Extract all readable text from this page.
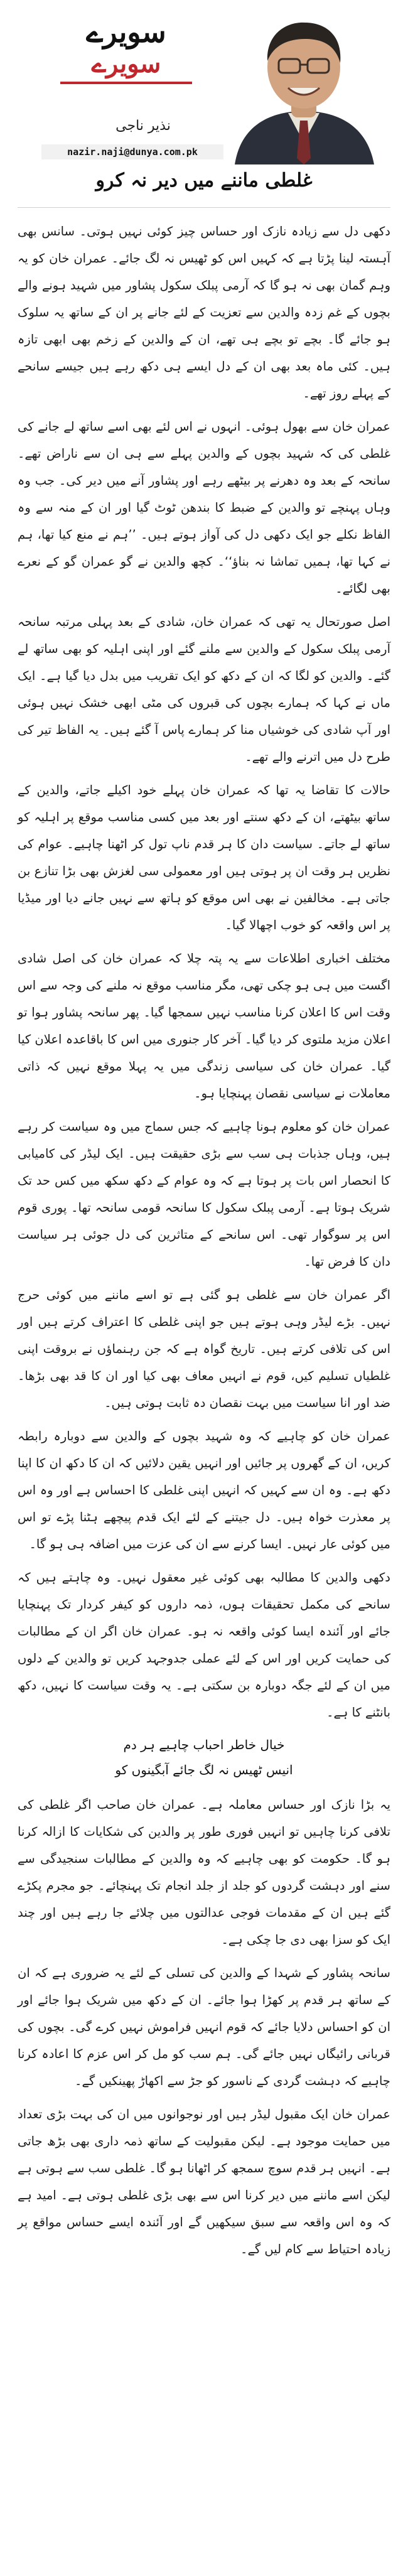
سویرے
سویرے
نذیر ناجی
nazir.naji@dunya.com.pk
غلطی ماننے میں دیر نہ کرو

دکھی دل سے زیادہ نازک اور حساس چیز کوئی نہیں ہوتی۔ سانس بھی آہستہ لینا پڑتا ہے کہ کہیں اس کو ٹھیس نہ لگ جائے۔ عمران خان کو یہ وہم گمان بھی نہ ہو گا کہ آرمی پبلک سکول پشاور میں شہید ہونے والے بچوں کے غم زدہ والدین سے تعزیت کے لئے جانے پر ان کے ساتھ یہ سلوک ہو جائے گا۔ بچے تو بچے ہی تھے، ان کے والدین کے زخم بھی ابھی تازہ ہیں۔ کئی ماہ بعد بھی ان کے دل ایسے ہی دکھ رہے ہیں جیسے سانحے کے پہلے روز تھے۔

عمران خان سے بھول ہوئی۔ انہوں نے اس لئے بھی اسے ساتھ لے جانے کی غلطی کی کہ شہید بچوں کے والدین پہلے سے ہی ان سے ناراض تھے۔ سانحہ کے بعد وہ دھرنے پر بیٹھے رہے اور پشاور آنے میں دیر کی۔ جب وہ وہاں پہنچے تو والدین کے ضبط کا بندھن ٹوٹ گیا اور ان کے منہ سے وہ الفاظ نکلے جو ایک دکھی دل کی آواز ہوتے ہیں۔ ’’ہم نے منع کیا تھا، ہم نے کہا تھا، ہمیں تماشا نہ بناؤ‘‘۔ کچھ والدین نے گو عمران گو کے نعرے بھی لگائے۔

اصل صورتحال یہ تھی کہ عمران خان، شادی کے بعد پہلی مرتبہ سانحہ آرمی پبلک سکول کے والدین سے ملنے گئے اور اپنی اہلیہ کو بھی ساتھ لے گئے۔ والدین کو لگا کہ ان کے دکھ کو ایک تقریب میں بدل دیا گیا ہے۔ ایک ماں نے کہا کہ ہمارے بچوں کی قبروں کی مٹی ابھی خشک نہیں ہوئی اور آپ شادی کی خوشیاں منا کر ہمارے پاس آ گئے ہیں۔ یہ الفاظ تیر کی طرح دل میں اترنے والے تھے۔

حالات کا تقاضا یہ تھا کہ عمران خان پہلے خود اکیلے جاتے، والدین کے ساتھ بیٹھتے، ان کے دکھ سنتے اور بعد میں کسی مناسب موقع پر اہلیہ کو ساتھ لے جاتے۔ سیاست دان کا ہر قدم ناپ تول کر اٹھنا چاہیے۔ عوام کی نظریں ہر وقت ان پر ہوتی ہیں اور معمولی سی لغزش بھی بڑا تنازع بن جاتی ہے۔ مخالفین نے بھی اس موقع کو ہاتھ سے نہیں جانے دیا اور میڈیا پر اس واقعہ کو خوب اچھالا گیا۔

مختلف اخباری اطلاعات سے یہ پتہ چلا کہ عمران خان کی اصل شادی اگست میں ہی ہو چکی تھی، مگر مناسب موقع نہ ملنے کی وجہ سے اس وقت اس کا اعلان کرنا مناسب نہیں سمجھا گیا۔ پھر سانحہ پشاور ہوا تو اعلان مزید ملتوی کر دیا گیا۔ آخر کار جنوری میں اس کا باقاعدہ اعلان کیا گیا۔ عمران خان کی سیاسی زندگی میں یہ پہلا موقع نہیں کہ ذاتی معاملات نے سیاسی نقصان پہنچایا ہو۔

عمران خان کو معلوم ہونا چاہیے کہ جس سماج میں وہ سیاست کر رہے ہیں، وہاں جذبات ہی سب سے بڑی حقیقت ہیں۔ ایک لیڈر کی کامیابی کا انحصار اس بات پر ہوتا ہے کہ وہ عوام کے دکھ سکھ میں کس حد تک شریک ہوتا ہے۔ آرمی پبلک سکول کا سانحہ قومی سانحہ تھا۔ پوری قوم اس پر سوگوار تھی۔ اس سانحے کے متاثرین کی دل جوئی ہر سیاست دان کا فرض تھا۔

اگر عمران خان سے غلطی ہو گئی ہے تو اسے ماننے میں کوئی حرج نہیں۔ بڑے لیڈر وہی ہوتے ہیں جو اپنی غلطی کا اعتراف کرتے ہیں اور اس کی تلافی کرتے ہیں۔ تاریخ گواہ ہے کہ جن رہنماؤں نے بروقت اپنی غلطیاں تسلیم کیں، قوم نے انہیں معاف بھی کیا اور ان کا قد بھی بڑھا۔ ضد اور انا سیاست میں بہت نقصان دہ ثابت ہوتی ہیں۔

عمران خان کو چاہیے کہ وہ شہید بچوں کے والدین سے دوبارہ رابطہ کریں، ان کے گھروں پر جائیں اور انہیں یقین دلائیں کہ ان کا دکھ ان کا اپنا دکھ ہے۔ وہ ان سے کہیں کہ انہیں اپنی غلطی کا احساس ہے اور وہ اس پر معذرت خواہ ہیں۔ دل جیتنے کے لئے ایک قدم پیچھے ہٹنا پڑے تو اس میں کوئی عار نہیں۔ ایسا کرنے سے ان کی عزت میں اضافہ ہی ہو گا۔

دکھی والدین کا مطالبہ بھی کوئی غیر معقول نہیں۔ وہ چاہتے ہیں کہ سانحے کی مکمل تحقیقات ہوں، ذمہ داروں کو کیفر کردار تک پہنچایا جائے اور آئندہ ایسا کوئی واقعہ نہ ہو۔ عمران خان اگر ان کے مطالبات کی حمایت کریں اور اس کے لئے عملی جدوجہد کریں تو والدین کے دلوں میں ان کے لئے جگہ دوبارہ بن سکتی ہے۔ یہ وقت سیاست کا نہیں، دکھ بانٹنے کا ہے۔

خیال خاطر احباب چاہیے ہر دم
انیس ٹھیس نہ لگ جائے آبگینوں کو

یہ بڑا نازک اور حساس معاملہ ہے۔ عمران خان صاحب اگر غلطی کی تلافی کرنا چاہیں تو انہیں فوری طور پر والدین کی شکایات کا ازالہ کرنا ہو گا۔ حکومت کو بھی چاہیے کہ وہ والدین کے مطالبات سنجیدگی سے سنے اور دہشت گردوں کو جلد از جلد انجام تک پہنچائے۔ جو مجرم پکڑے گئے ہیں ان کے مقدمات فوجی عدالتوں میں چلائے جا رہے ہیں اور چند ایک کو سزا بھی دی جا چکی ہے۔

سانحہ پشاور کے شہدا کے والدین کی تسلی کے لئے یہ ضروری ہے کہ ان کے ساتھ ہر قدم پر کھڑا ہوا جائے۔ ان کے دکھ میں شریک ہوا جائے اور ان کو احساس دلایا جائے کہ قوم انہیں فراموش نہیں کرے گی۔ بچوں کی قربانی رائیگاں نہیں جائے گی۔ ہم سب کو مل کر اس عزم کا اعادہ کرنا چاہیے کہ دہشت گردی کے ناسور کو جڑ سے اکھاڑ پھینکیں گے۔

عمران خان ایک مقبول لیڈر ہیں اور نوجوانوں میں ان کی بہت بڑی تعداد میں حمایت موجود ہے۔ لیکن مقبولیت کے ساتھ ذمہ داری بھی بڑھ جاتی ہے۔ انہیں ہر قدم سوچ سمجھ کر اٹھانا ہو گا۔ غلطی سب سے ہوتی ہے لیکن اسے ماننے میں دیر کرنا اس سے بھی بڑی غلطی ہوتی ہے۔ امید ہے کہ وہ اس واقعہ سے سبق سیکھیں گے اور آئندہ ایسے حساس مواقع پر زیادہ احتیاط سے کام لیں گے۔
